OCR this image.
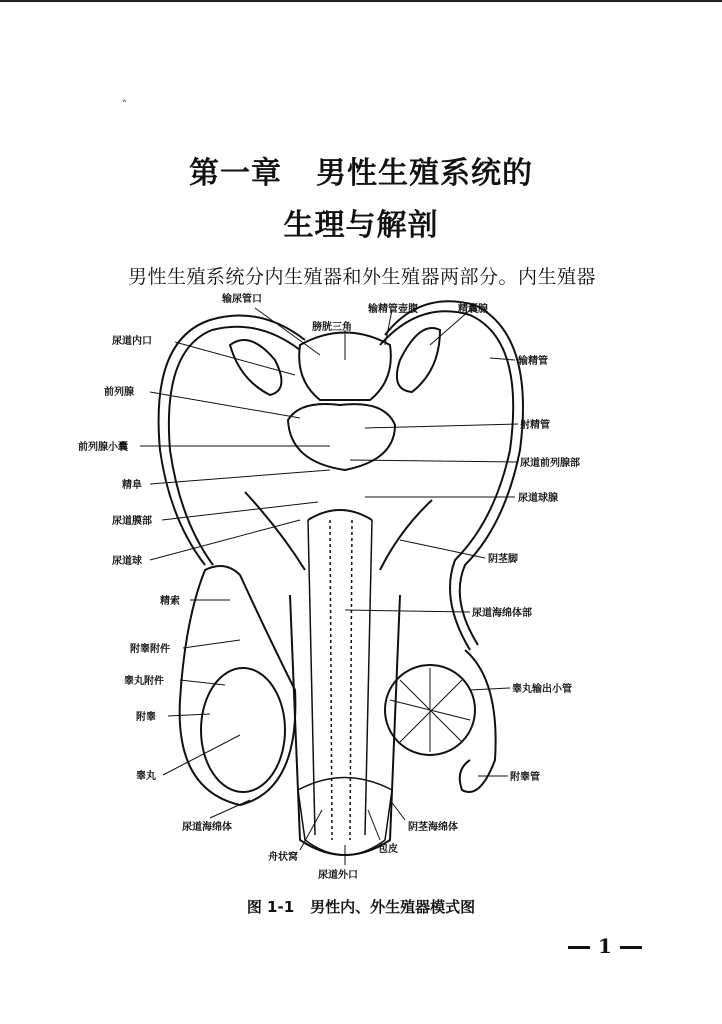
˄
第一章 男性生殖系统的
生理与解剖
男性生殖系统分内生殖器和外生殖器两部分。内生殖器
输尿管口
膀胱三角
输精管壶腹	精囊腺
尿道内口
输精管
前列腺
射精管
前列腺小囊
尿道前列腺部
精阜
尿道球腺
尿道膜部
阴茎脚
尿道球
精索
尿道海绵体部
附睾附件
睾丸输出小管
睾丸附件
附睾
附睾管
睾丸
尿道海绵体	阴茎海绵体
包皮
舟状窝
尿道外口
图 1-1 男性内、外生殖器模式图
1
